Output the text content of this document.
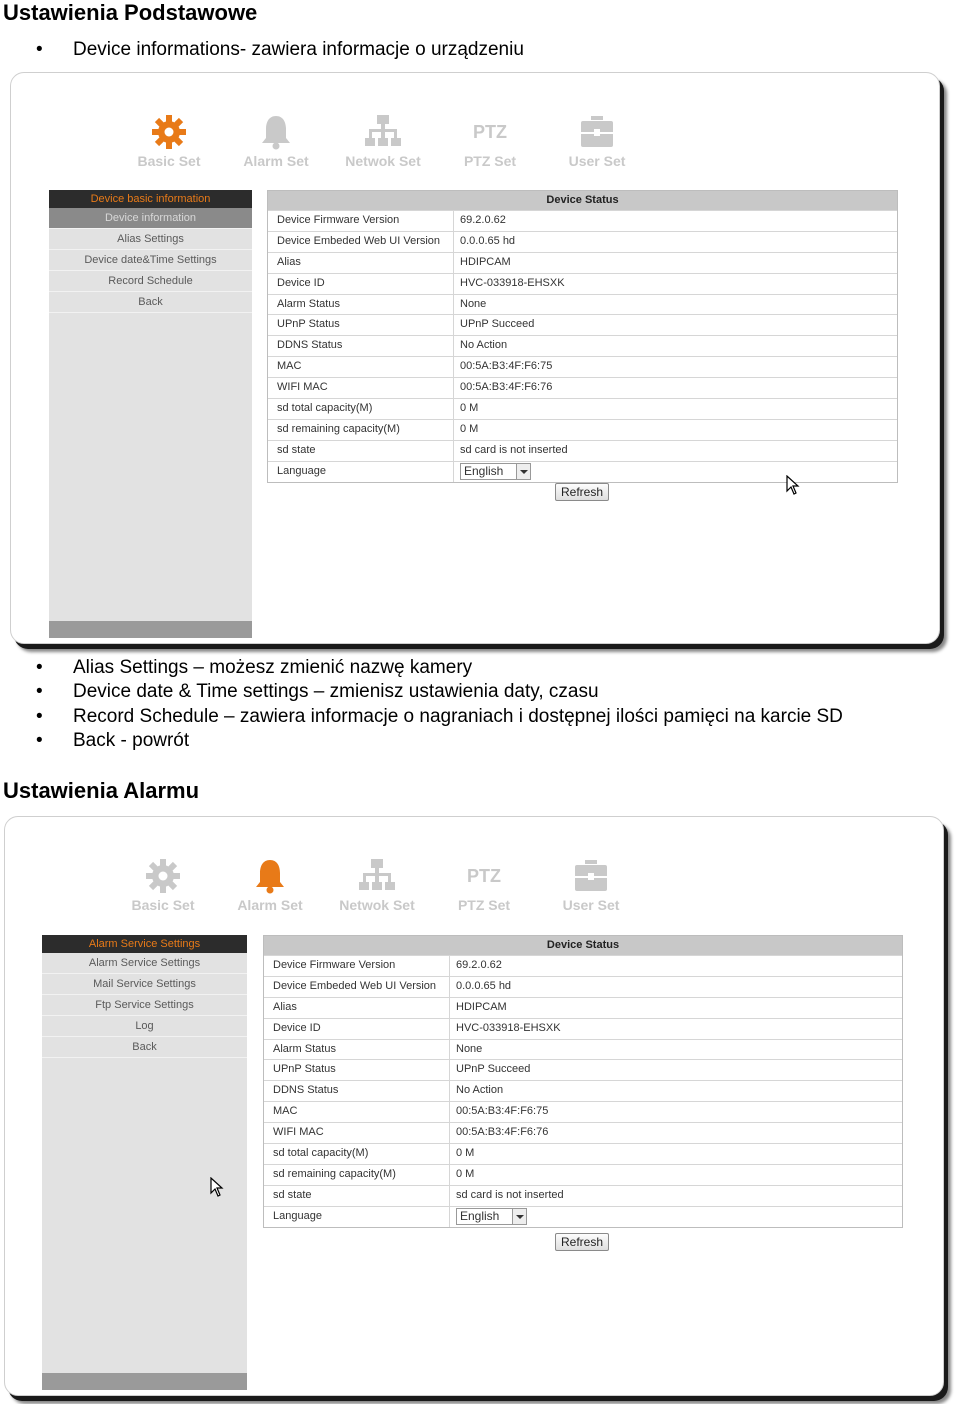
Ustawienia Podstawowe
• Device informations- zawiera informacje o urządzeniu
Basic Set	Alarm Set	Netwok Set
PTZ
PTZ Set	User Set
Device basic information
Device information
Alias Settings
Device date&Time Settings
Record Schedule
Back
Device Status
Device Firmware Version	69.2.0.62
Device Embeded Web UI Version	0.0.0.65 hd
Alias	HDIPCAM
Device ID	HVC-033918-EHSXK
Alarm Status	None
UPnP Status	UPnP Succeed
DDNS Status	No Action
MAC	00:5A:B3:4F:F6:75
WIFI MAC	00:5A:B3:4F:F6:76
sd total capacity(M)	0 M
sd remaining capacity(M)	0 M
sd state	sd card is not inserted
Language	English
Refresh
• Alias Settings – możesz zmienić nazwę kamery
• Device date & Time settings – zmienisz ustawienia daty, czasu
• Record Schedule – zawiera informacje o nagraniach i dostępnej ilości pamięci na karcie SD
• Back - powrót
Ustawienia Alarmu
Basic Set	Alarm Set	Netwok Set
PTZ
PTZ Set	User Set
Alarm Service Settings
Alarm Service Settings
Mail Service Settings
Ftp Service Settings
Log
Back
Device Status
Device Firmware Version	69.2.0.62
Device Embeded Web UI Version	0.0.0.65 hd
Alias	HDIPCAM
Device ID	HVC-033918-EHSXK
Alarm Status	None
UPnP Status	UPnP Succeed
DDNS Status	No Action
MAC	00:5A:B3:4F:F6:75
WIFI MAC	00:5A:B3:4F:F6:76
sd total capacity(M)	0 M
sd remaining capacity(M)	0 M
sd state	sd card is not inserted
Language	English
Refresh
